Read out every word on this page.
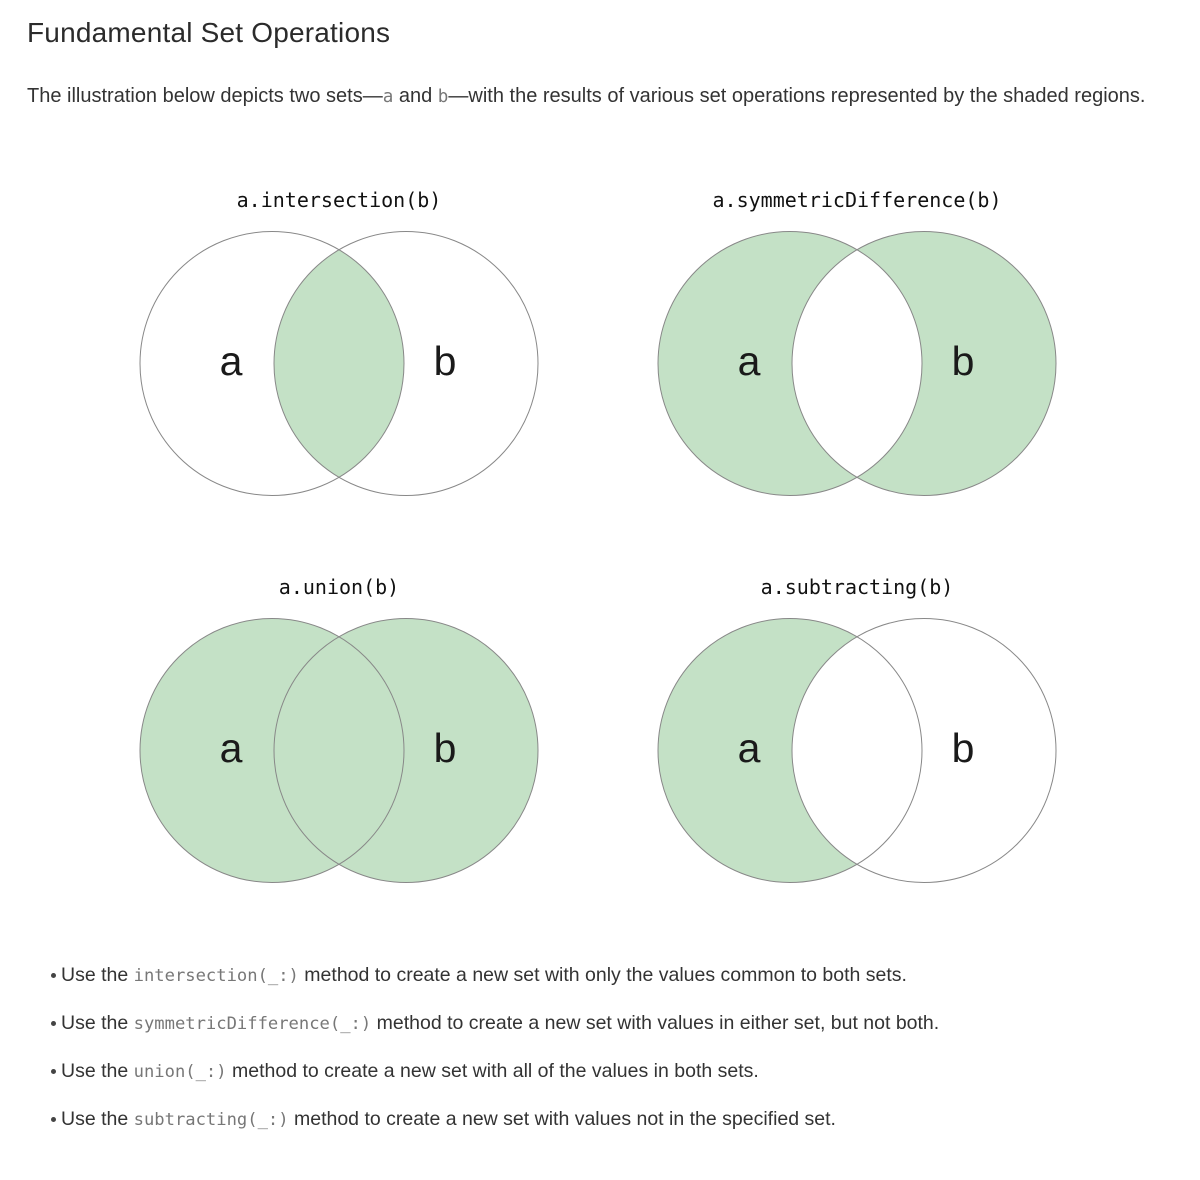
Fundamental Set Operations

The illustration below depicts two sets—a and b—with the results of various set operations represented by the shaded regions.

a.intersection(b)
a	b
a.symmetricDifference(b)
a	b
a.union(b)
a	b
a.subtracting(b)
a	b
Use the intersection(_:) method to create a new set with only the values common to both sets.
Use the symmetricDifference(_:) method to create a new set with values in either set, but not both.
Use the union(_:) method to create a new set with all of the values in both sets.
Use the subtracting(_:) method to create a new set with values not in the specified set.
